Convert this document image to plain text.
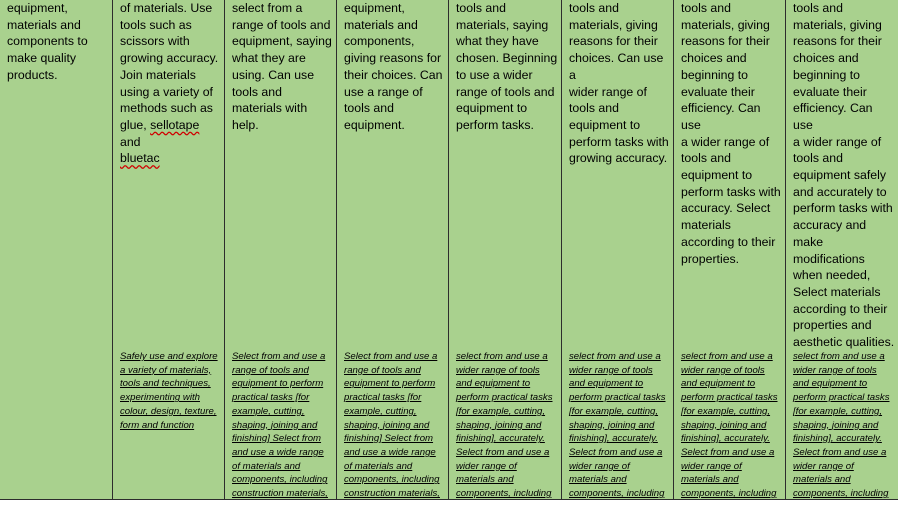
equipment,

materials and

components to

make quality

products.

of materials. Use

tools such as

scissors with

growing accuracy.

Join materials

using a variety of

methods such as

glue, sellotape and

bluetac

Safely use and explore
a variety of materials,
tools and techniques,
experimenting with
colour, design, texture,
form and function

select from a

range of tools and

equipment, saying

what they are

using. Can use

tools and

materials with

help.

Select from and use a
range of tools and
equipment to perform
practical tasks [for
example, cutting,
shaping, joining and
finishing] Select from
and use a wide range
of materials and
components, including
construction materials,

equipment,

materials and

components,

giving reasons for

their choices. Can

use a range of

tools and

equipment.

Select from and use a
range of tools and
equipment to perform
practical tasks [for
example, cutting,
shaping, joining and
finishing] Select from
and use a wide range
of materials and
components, including
construction materials,

tools and

materials, saying

what they have

chosen. Beginning

to use a wider

range of tools and

equipment to

perform tasks.

select from and use a
wider range of tools
and equipment to
perform practical tasks
[for example, cutting,
shaping, joining and
finishing], accurately.
Select from and use a
wider range of
materials and
components, including

tools and

materials, giving

reasons for their

choices. Can use a

wider range of

tools and

equipment to

perform tasks with

growing accuracy.

select from and use a
wider range of tools
and equipment to
perform practical tasks
[for example, cutting,
shaping, joining and
finishing], accurately.
Select from and use a
wider range of
materials and
components, including

tools and

materials, giving

reasons for their

choices and

beginning to

evaluate their

efficiency. Can use

a wider range of

tools and

equipment to

perform tasks with

accuracy. Select

materials

according to their

properties.

select from and use a
wider range of tools
and equipment to
perform practical tasks
[for example, cutting,
shaping, joining and
finishing], accurately.
Select from and use a
wider range of
materials and
components, including

tools and

materials, giving

reasons for their

choices and

beginning to

evaluate their

efficiency. Can use

a wider range of

tools and

equipment safely

and accurately to

perform tasks with

accuracy and

make

modifications

when needed,

Select materials

according to their

properties and

aesthetic qualities.

select from and use a
wider range of tools
and equipment to
perform practical tasks
[for example, cutting,
shaping, joining and
finishing], accurately.
Select from and use a
wider range of
materials and
components, including
